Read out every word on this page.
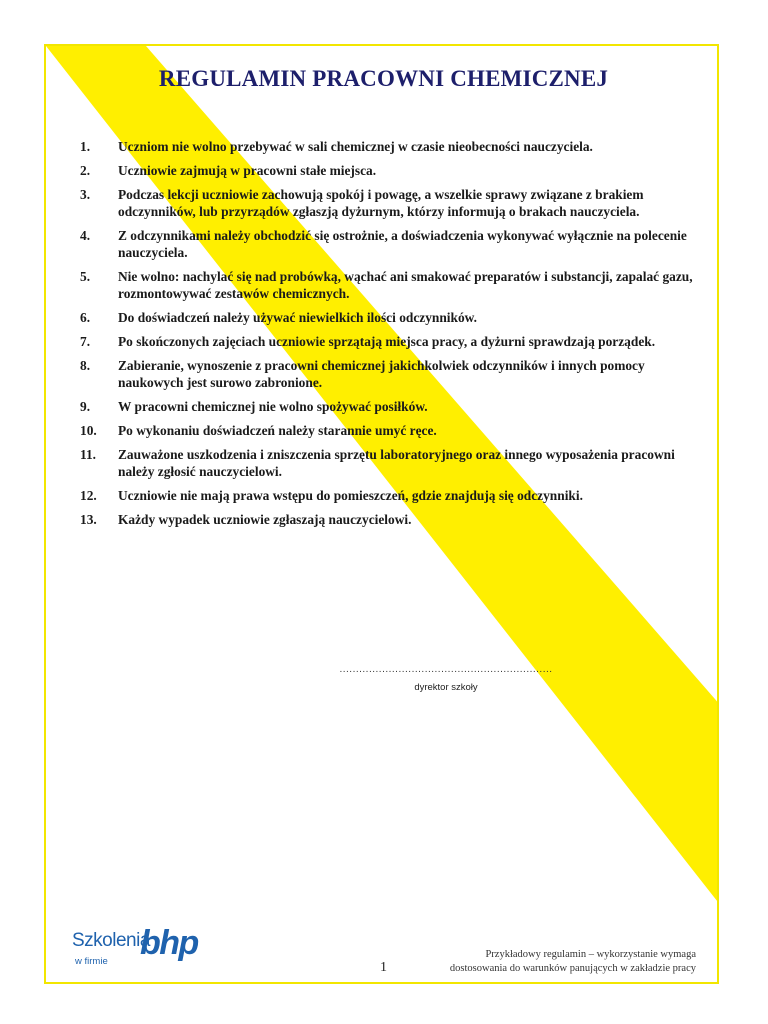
REGULAMIN PRACOWNI CHEMICZNEJ
1. Uczniom nie wolno przebywać w sali chemicznej w czasie nieobecności nauczyciela.
2. Uczniowie zajmują w pracowni stałe miejsca.
3. Podczas lekcji uczniowie zachowują spokój i powagę, a wszelkie sprawy związane z brakiem odczynników, lub przyrządów zgłaszją dyżurnym, którzy informują o brakach nauczyciela.
4. Z odczynnikami należy obchodzić się ostrożnie, a doświadczenia wykonywać wyłącznie na polecenie nauczyciela.
5. Nie wolno: nachylać się nad probówką, wąchać ani smakować preparatów i substancji, zapalać gazu, rozmontowywać zestawów chemicznych.
6. Do doświadczeń należy używać niewielkich ilości odczynników.
7. Po skończonych zajęciach uczniowie sprzątają miejsca pracy, a dyżurni sprawdzają porządek.
8. Zabieranie, wynoszenie z pracowni chemicznej jakichkolwiek odczynników i innych pomocy naukowych jest surowo zabronione.
9. W pracowni chemicznej nie wolno spożywać posiłków.
10. Po wykonaniu doświadczeń należy starannie umyć ręce.
11. Zauważone uszkodzenia i zniszczenia sprzętu laboratoryjnego oraz innego wyposażenia pracowni należy zgłosić nauczycielowi.
12. Uczniowie nie mają prawa wstępu do pomieszczeń, gdzie znajdują się odczynniki.
13. Każdy wypadek uczniowie zgłaszają nauczycielowi.
.................................................................
dyrektor szkoły
Szkolenia
bhp
w firmie	1
Przykładowy regulamin – wykorzystanie wymaga
dostosowania do warunków panujących w zakładzie pracy
